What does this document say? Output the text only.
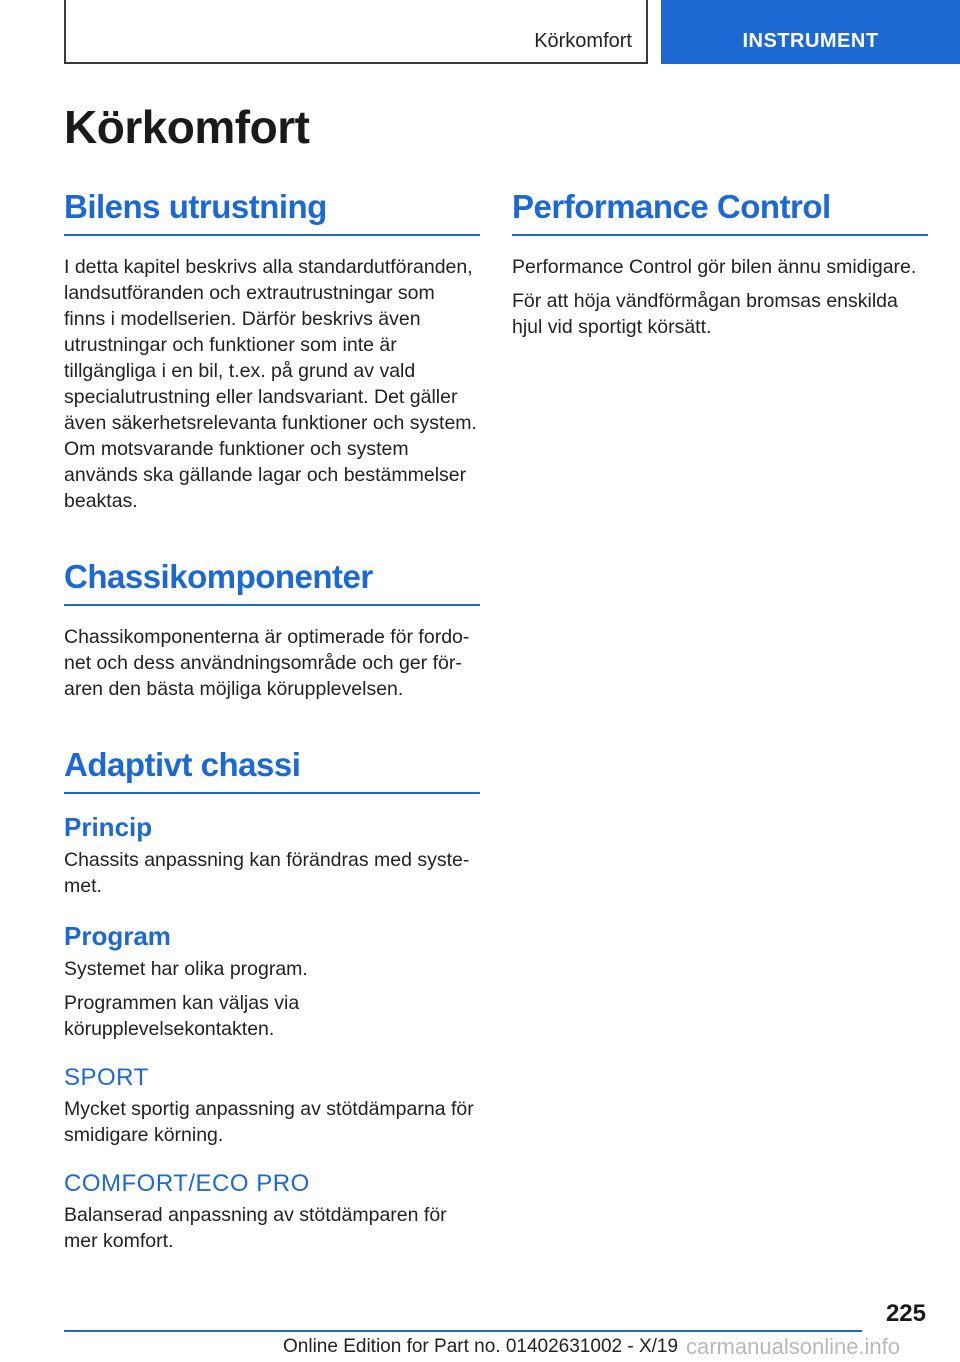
Körkomfort	INSTRUMENT
Körkomfort
Bilens utrustning

I detta kapitel beskrivs alla standardutföranden, landsutföranden och extrautrustningar som finns i modellserien. Därför beskrivs även utrustningar och funktioner som inte är tillgängliga i en bil, t.ex. på grund av vald specialutrustning eller landsvariant. Det gäller även säkerhetsrelevanta funktioner och system. Om motsvarande funktioner och system används ska gällande lagar och bestämmelser beaktas.

Chassikomponenter

Chassikomponenterna är optimerade för fordonet och dess användningsområde och ger föraren den bästa möjliga körupplevelsen.

Adaptivt chassi
Princip

Chassits anpassning kan förändras med systemet.

Program

Systemet har olika program.

Programmen kan väljas via körupplevelsekontakten.

SPORT

Mycket sportig anpassning av stötdämparna för smidigare körning.

COMFORT/ECO PRO

Balanserad anpassning av stötdämparen för mer komfort.

Performance Control

Performance Control gör bilen ännu smidigare.

För att höja vändförmågan bromsas enskilda hjul vid sportigt körsätt.

225
Online Edition for Part no. 01402631002 - X/19 carmanualsonline.info
